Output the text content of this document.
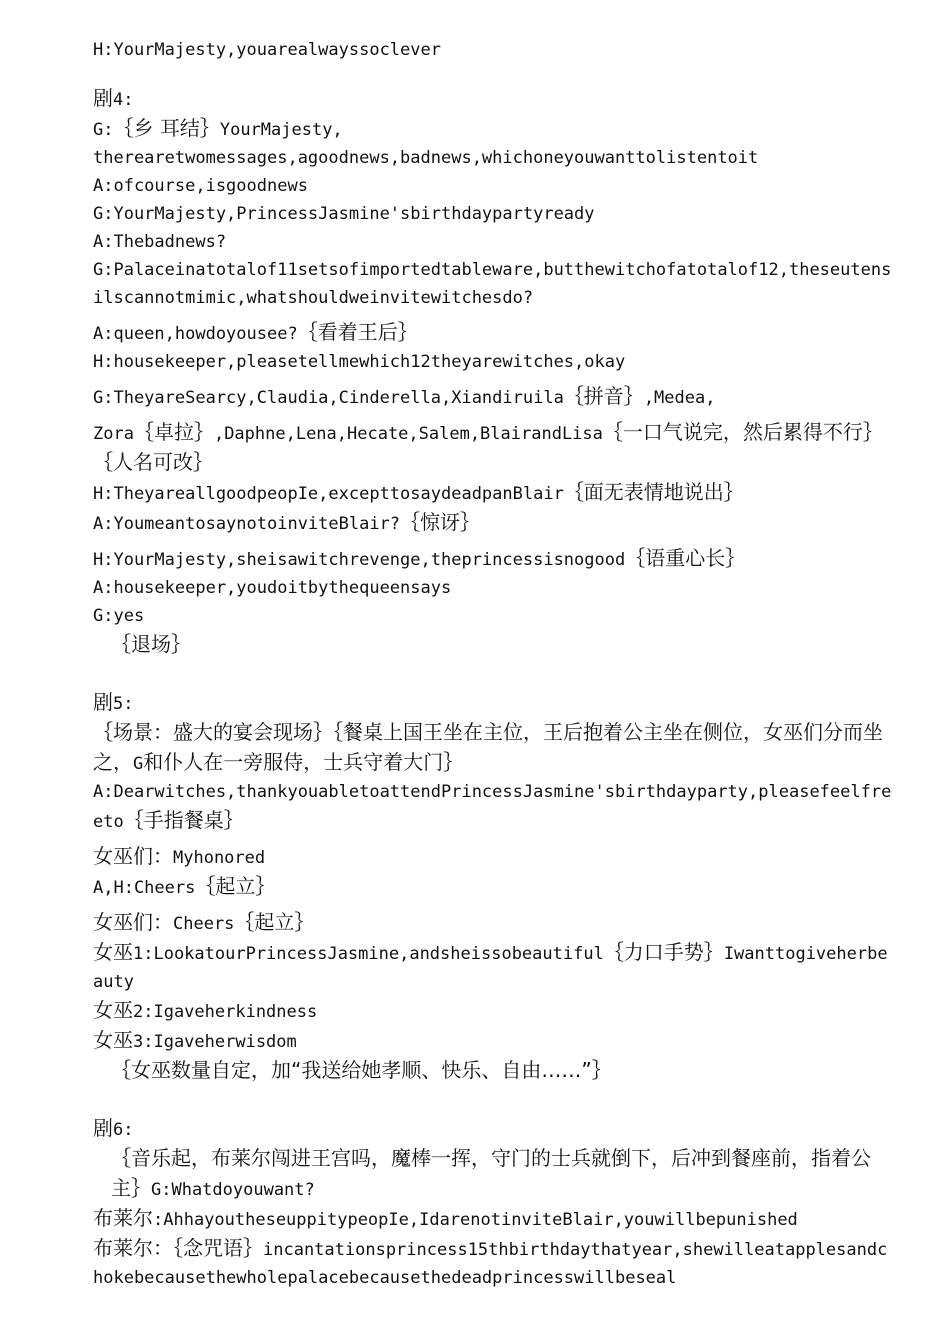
H:YourMajesty,youarealwayssoclever
剧4:
G:｛乡 耳结｝YourMajesty,
therearetwomessages,agoodnews,badnews,whichoneyouwanttolistentoit
A:ofcourse,isgoodnews
G:YourMajesty,PrincessJasmine'sbirthdaypartyready
A:Thebadnews?
G:Palaceinatotalof11setsofimportedtableware,butthewitchofatotalof12,theseutensilscannotmimic,whatshouldweinvitewitchesdo?
A:queen,howdoyousee?｛看着王后｝
H:housekeeper,pleasetellmewhich12theyarewitches,okay
G:TheyareSearcy,Claudia,Cinderella,Xiandiruila｛拼音｝,Medea,
Zora｛卓拉｝,Daphne,Lena,Hecate,Salem,BlairandLisa｛一口气说完，然后累得不行｝｛人名可改｝
H:TheyareallgoodpeopIe,excepttosaydeadpanBlair｛面无表情地说出｝
A:YoumeantosaynotoinviteBlair?｛惊讶｝
H:YourMajesty,sheisawitchrevenge,theprincessisnogood｛语重心长｝
A:housekeeper,youdoitbythequeensays
G:yes
｛退场｝
剧5:
｛场景：盛大的宴会现场｝｛餐桌上国王坐在主位，王后抱着公主坐在侧位，女巫们分而坐之，G和仆人在一旁服侍，士兵守着大门｝
A:Dearwitches,thankyouabletoattendPrincessJasmine'sbirthdayparty,pleasefeelfreeto｛手指餐桌｝
女巫们：Myhonored
A,H:Cheers｛起立｝
女巫们：Cheers｛起立｝
女巫1:LookatourPrincessJasmine,andsheissobeautiful｛力口手势｝Iwanttogiveherbeauty
女巫2:Igaveherkindness
女巫3:Igaveherwisdom
｛女巫数量自定，加“我送给她孝顺、快乐、自由……”｝
剧6:
｛音乐起，布莱尔闯进王宫吗，魔棒一挥，守门的士兵就倒下，后冲到餐座前，指着公主｝G:Whatdoyouwant?
布莱尔:AhhayoutheseuppitypeopIe,IdarenotinviteBlair,youwillbepunished
布莱尔：｛念咒语｝incantationsprincess15thbirthdaythatyear,shewilleatapplesandchokebecausethewholepalacebecausethedeadprincesswillbeseal
